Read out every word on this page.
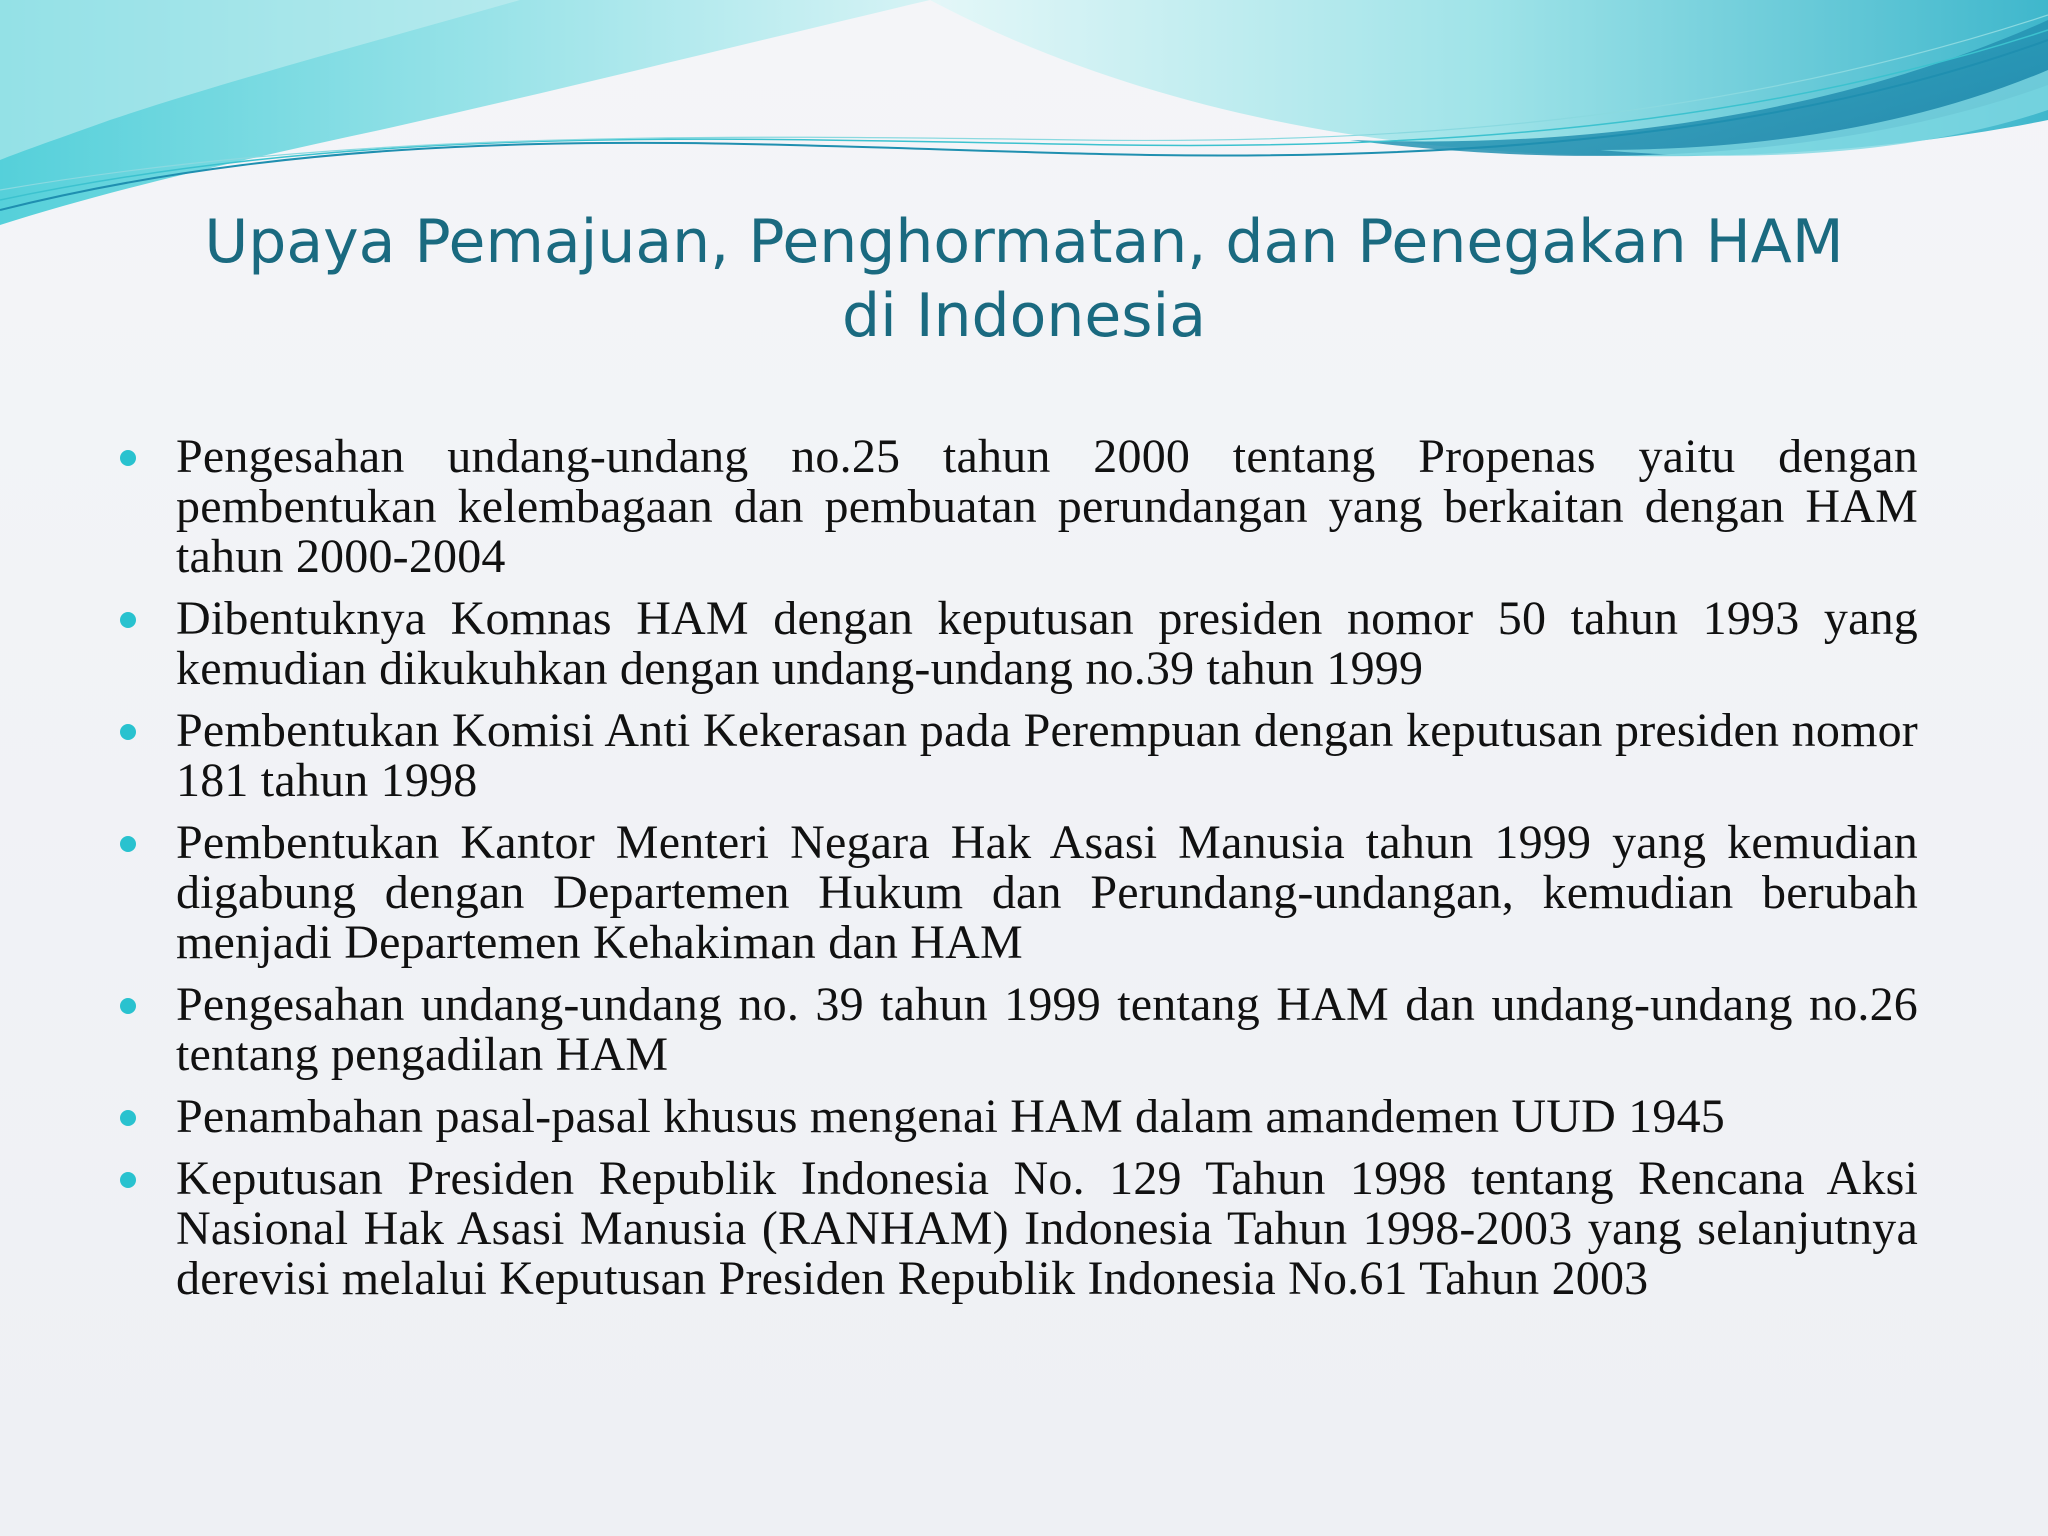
Upaya Pemajuan, Penghormatan, dan Penegakan HAM
di Indonesia
Pengesahan undang-undang no.25 tahun 2000 tentang Propenas yaitu dengan pembentukan kelembagaan dan pembuatan perundangan yang berkaitan dengan HAM tahun 2000-2004
Dibentuknya Komnas HAM dengan keputusan presiden nomor 50 tahun 1993 yang kemudian dikukuhkan dengan undang-undang no.39 tahun 1999
Pembentukan Komisi Anti Kekerasan pada Perempuan dengan keputusan presiden nomor 181 tahun 1998
Pembentukan Kantor Menteri Negara Hak Asasi Manusia tahun 1999 yang kemudian digabung dengan Departemen Hukum dan Perundang-undangan, kemudian berubah menjadi Departemen Kehakiman dan HAM
Pengesahan undang-undang no. 39 tahun 1999 tentang HAM dan undang-undang no.26 tentang pengadilan HAM
Penambahan pasal-pasal khusus mengenai HAM dalam amandemen UUD 1945
Keputusan Presiden Republik Indonesia No. 129 Tahun 1998 tentang Rencana Aksi Nasional Hak Asasi Manusia (RANHAM) Indonesia Tahun 1998-2003 yang selanjutnya derevisi melalui Keputusan Presiden Republik Indonesia No.61 Tahun 2003
